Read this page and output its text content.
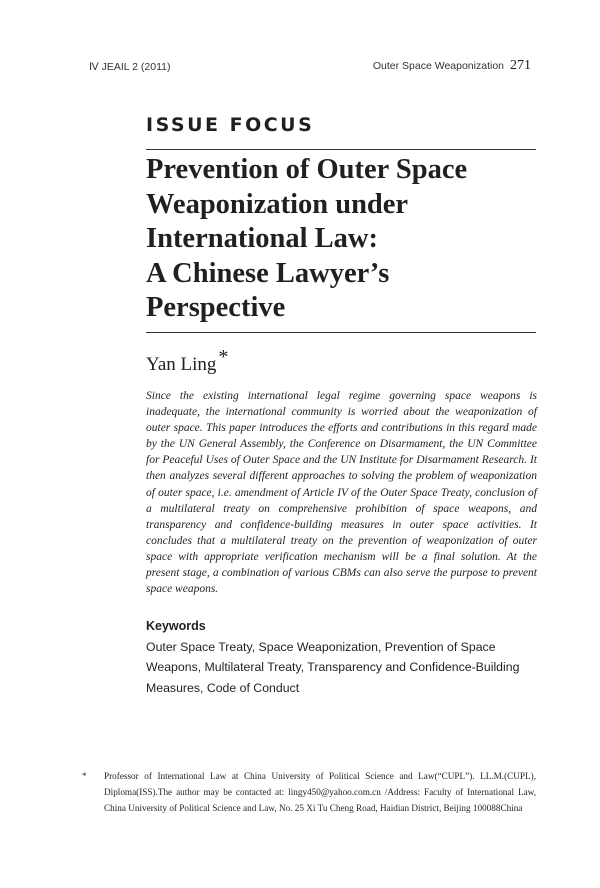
Ⅳ JEAIL 2 (2011)	Outer Space Weaponization 271
ISSUE FOCUS
Prevention of Outer Space
Weaponization under
International Law:
A Chinese Lawyer’s
Perspective
Yan Ling *

Since the existing international legal regime governing space weapons is inadequate, the international community is worried about the weaponization of outer space. This paper introduces the efforts and contributions in this regard made by the UN General Assembly, the Conference on Disarmament, the UN Committee for Peaceful Uses of Outer Space and the UN Institute for Disarmament Research. It then analyzes several different approaches to solving the problem of weaponization of outer space, i.e. amendment of Article IV of the Outer Space Treaty, conclusion of a multilateral treaty on comprehensive prohibition of space weapons, and transparency and confidence-building measures in outer space activities. It concludes that a multilateral treaty on the prevention of weaponization of outer space with appropriate verification mechanism will be a final solution. At the present stage, a combination of various CBMs can also serve the purpose to prevent space weapons.

Keywords
Outer Space Treaty, Space Weaponization, Prevention of Space Weapons, Multilateral Treaty, Transparency and Confidence-Building Measures, Code of Conduct
* Professor of International Law at China University of Political Science and Law(“CUPL”). LL.M.(CUPL), Diploma(ISS).The author may be contacted at: lingy450@yahoo.com.cn /Address: Faculty of International Law, China University of Political Science and Law, No. 25 Xi Tu Cheng Road, Haidian District, Beijing 100088China
